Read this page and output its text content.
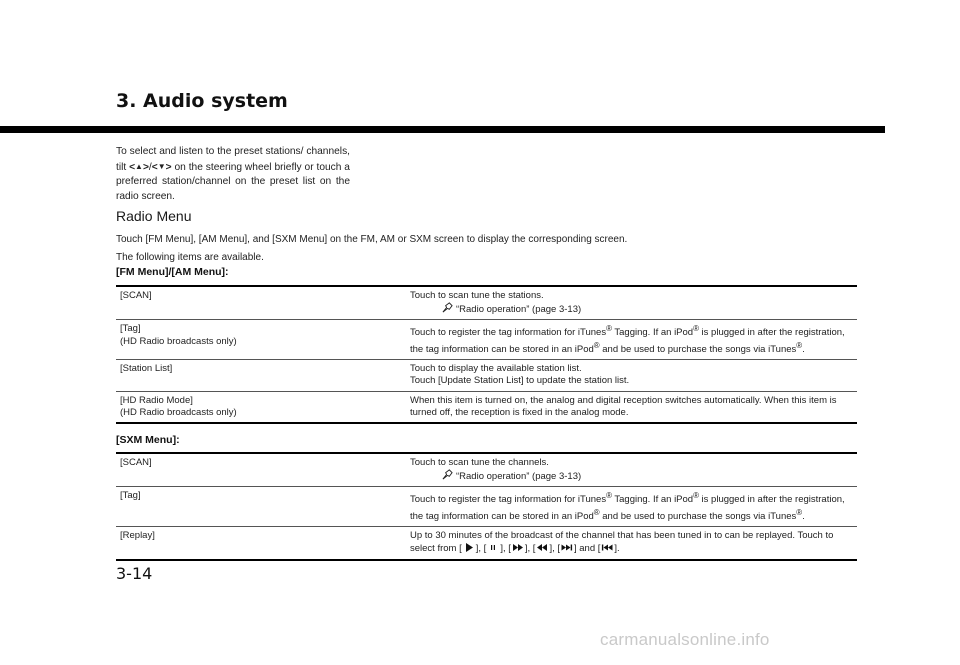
3. Audio system
To select and listen to the preset stations/ channels, tilt <▲>/<▼> on the steering wheel briefly or touch a preferred station/channel on the preset list on the radio screen.
Radio Menu
Touch [FM Menu], [AM Menu], and [SXM Menu] on the FM, AM or SXM screen to display the corresponding screen.
The following items are available.
[FM Menu]/[AM Menu]:
[SCAN]	Touch to scan tune the stations.
“Radio operation” (page 3-13)

[Tag]
(HD Radio broadcasts only)	Touch to register the tag information for iTunes® Tagging. If an iPod® is plugged in after the registration, the tag information can be stored in an iPod® and be used to purchase the songs via iTunes®.
[Station List]	Touch to display the available station list.
Touch [Update Station List] to update the station list.
[HD Radio Mode]
(HD Radio broadcasts only)	When this item is turned on, the analog and digital reception switches automatically. When this item is turned off, the reception is fixed in the analog mode.
[SXM Menu]:
[SCAN]	Touch to scan tune the channels.
“Radio operation” (page 3-13)

[Tag]	Touch to register the tag information for iTunes® Tagging. If an iPod® is plugged in after the registration, the tag information can be stored in an iPod® and be used to purchase the songs via iTunes®.
[Replay]	Up to 30 minutes of the broadcast of the channel that has been tuned in to can be replayed. Touch to select from [ ], [ ], [ ], [ ], [ ] and [ ].
3-14
carmanualsonline.info
